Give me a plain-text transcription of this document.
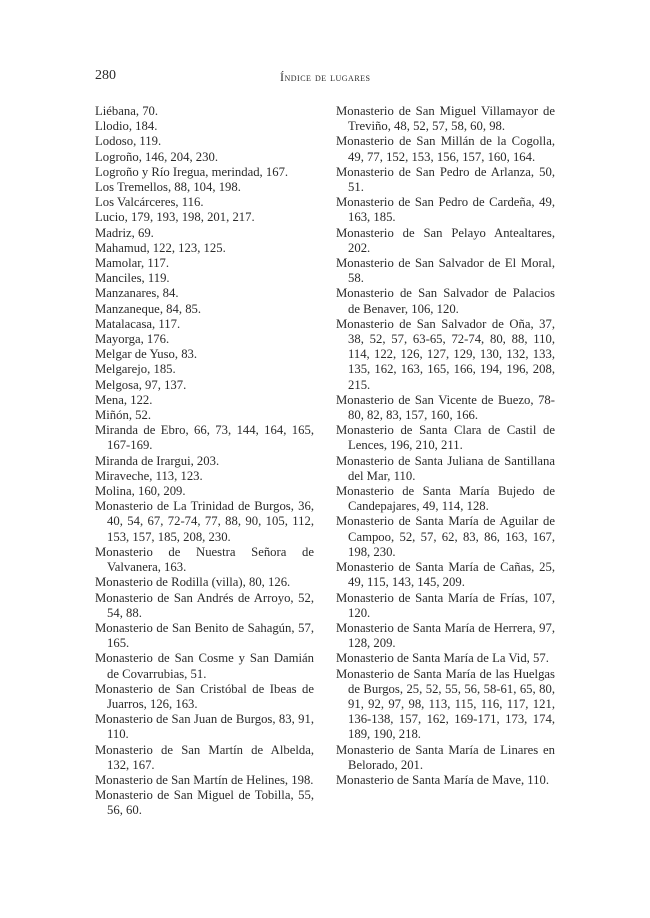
280	Índice de lugares

Liébana, 70.

Llodio, 184.

Lodoso, 119.

Logroño, 146, 204, 230.

Logroño y Río Iregua, merindad, 167.

Los Tremellos, 88, 104, 198.

Los Valcárceres, 116.

Lucio, 179, 193, 198, 201, 217.

Madriz, 69.

Mahamud, 122, 123, 125.

Mamolar, 117.

Manciles, 119.

Manzanares, 84.

Manzaneque, 84, 85.

Matalacasa, 117.

Mayorga, 176.

Melgar de Yuso, 83.

Melgarejo, 185.

Melgosa, 97, 137.

Mena, 122.

Miñón, 52.

Miranda de Ebro, 66, 73, 144, 164, 165, 167-169.

Miranda de Irargui, 203.

Miraveche, 113, 123.

Molina, 160, 209.

Monasterio de La Trinidad de Burgos, 36, 40, 54, 67, 72-74, 77, 88, 90, 105, 112, 153, 157, 185, 208, 230.

Monasterio de Nuestra Señora de Valvanera, 163.

Monasterio de Rodilla (villa), 80, 126.

Monasterio de San Andrés de Arroyo, 52, 54, 88.

Monasterio de San Benito de Sahagún, 57, 165.

Monasterio de San Cosme y San Damián de Covarrubias, 51.

Monasterio de San Cristóbal de Ibeas de Juarros, 126, 163.

Monasterio de San Juan de Burgos, 83, 91, 110.

Monasterio de San Martín de Albelda, 132, 167.

Monasterio de San Martín de Helines, 198.

Monasterio de San Miguel de Tobilla, 55, 56, 60.

Monasterio de San Miguel Villamayor de Treviño, 48, 52, 57, 58, 60, 98.

Monasterio de San Millán de la Cogolla, 49, 77, 152, 153, 156, 157, 160, 164.

Monasterio de San Pedro de Arlanza, 50, 51.

Monasterio de San Pedro de Cardeña, 49, 163, 185.

Monasterio de San Pelayo Antealtares, 202.

Monasterio de San Salvador de El Moral, 58.

Monasterio de San Salvador de Palacios de Benaver, 106, 120.

Monasterio de San Salvador de Oña, 37, 38, 52, 57, 63-65, 72-74, 80, 88, 110, 114, 122, 126, 127, 129, 130, 132, 133, 135, 162, 163, 165, 166, 194, 196, 208, 215.

Monasterio de San Vicente de Buezo, 78-80, 82, 83, 157, 160, 166.

Monasterio de Santa Clara de Castil de Lences, 196, 210, 211.

Monasterio de Santa Juliana de Santillana del Mar, 110.

Monasterio de Santa María Bujedo de Candepajares, 49, 114, 128.

Monasterio de Santa María de Aguilar de Campoo, 52, 57, 62, 83, 86, 163, 167, 198, 230.

Monasterio de Santa María de Cañas, 25, 49, 115, 143, 145, 209.

Monasterio de Santa María de Frías, 107, 120.

Monasterio de Santa María de Herrera, 97, 128, 209.

Monasterio de Santa María de La Vid, 57.

Monasterio de Santa María de las Huelgas de Burgos, 25, 52, 55, 56, 58-61, 65, 80, 91, 92, 97, 98, 113, 115, 116, 117, 121, 136-138, 157, 162, 169-171, 173, 174, 189, 190, 218.

Monasterio de Santa María de Linares en Belorado, 201.

Monasterio de Santa María de Mave, 110.
